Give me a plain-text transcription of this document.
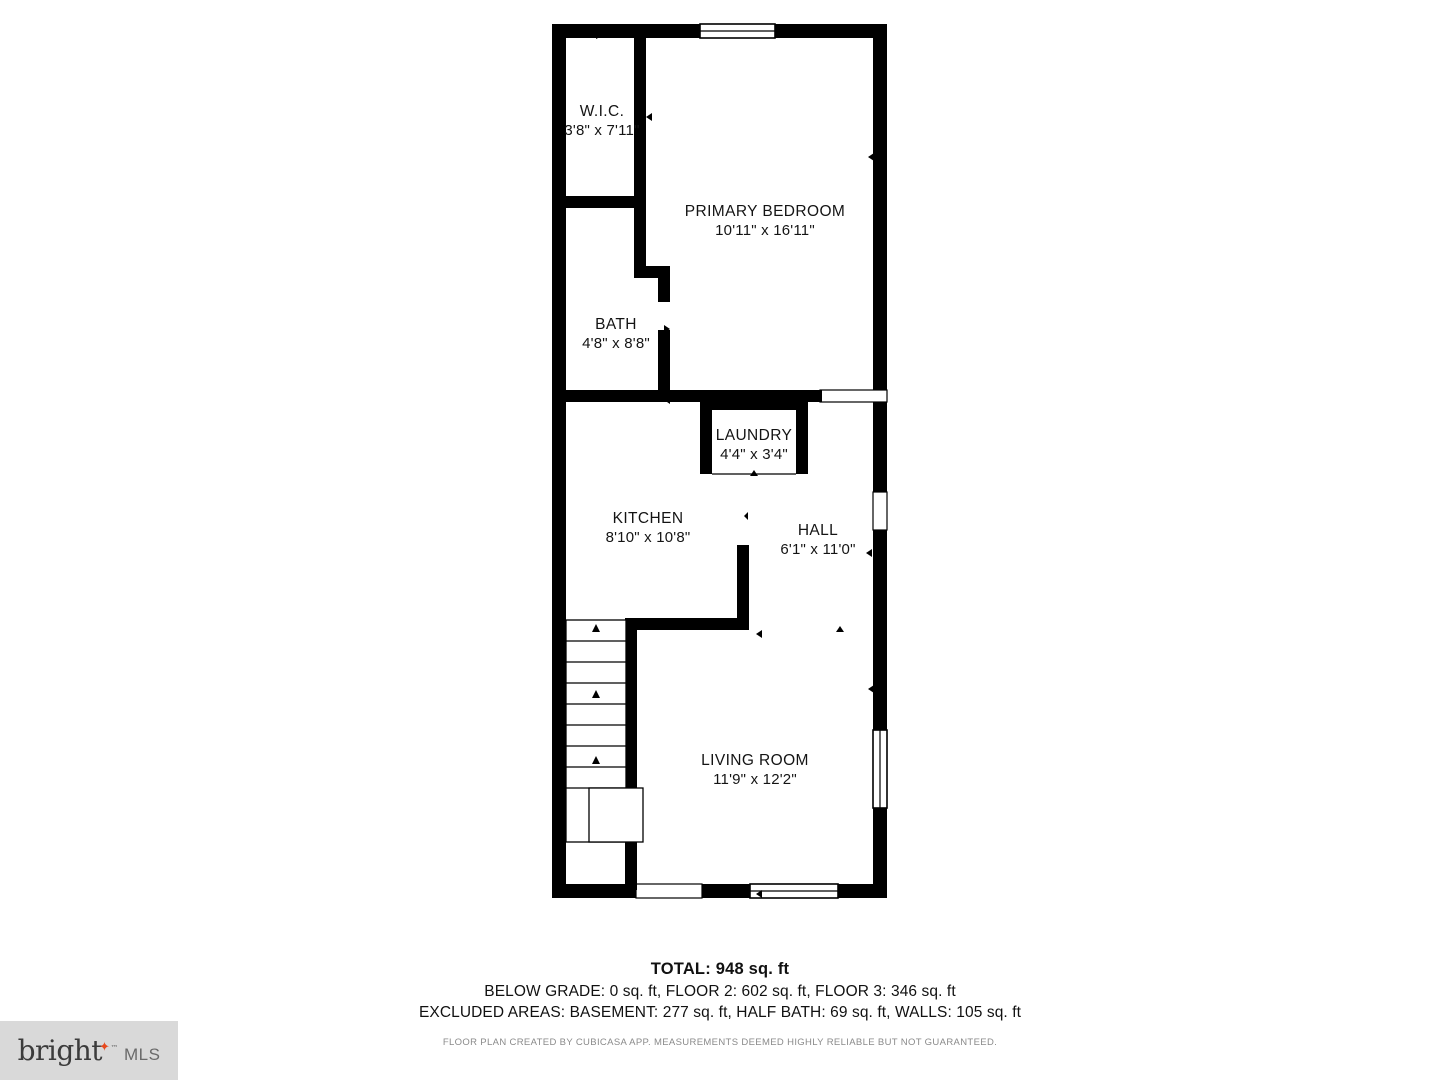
W.I.C.
3'8" x 7'11"
PRIMARY BEDROOM
10'11" x 16'11"
BATH
4'8" x 8'8"
LAUNDRY
4'4" x 3'4"
KITCHEN
8'10" x 10'8"	HALL
6'1" x 11'0"
LIVING ROOM
11'9" x 12'2"
TOTAL: 948 sq. ft
BELOW GRADE: 0 sq. ft, FLOOR 2: 602 sq. ft, FLOOR 3: 346 sq. ft
EXCLUDED AREAS: BASEMENT: 277 sq. ft, HALF BATH: 69 sq. ft, WALLS: 105 sq. ft
FLOOR PLAN CREATED BY CUBICASA APP. MEASUREMENTS DEEMED HIGHLY RELIABLE BUT NOT GUARANTEED.
bright
✦ ™ MLS
